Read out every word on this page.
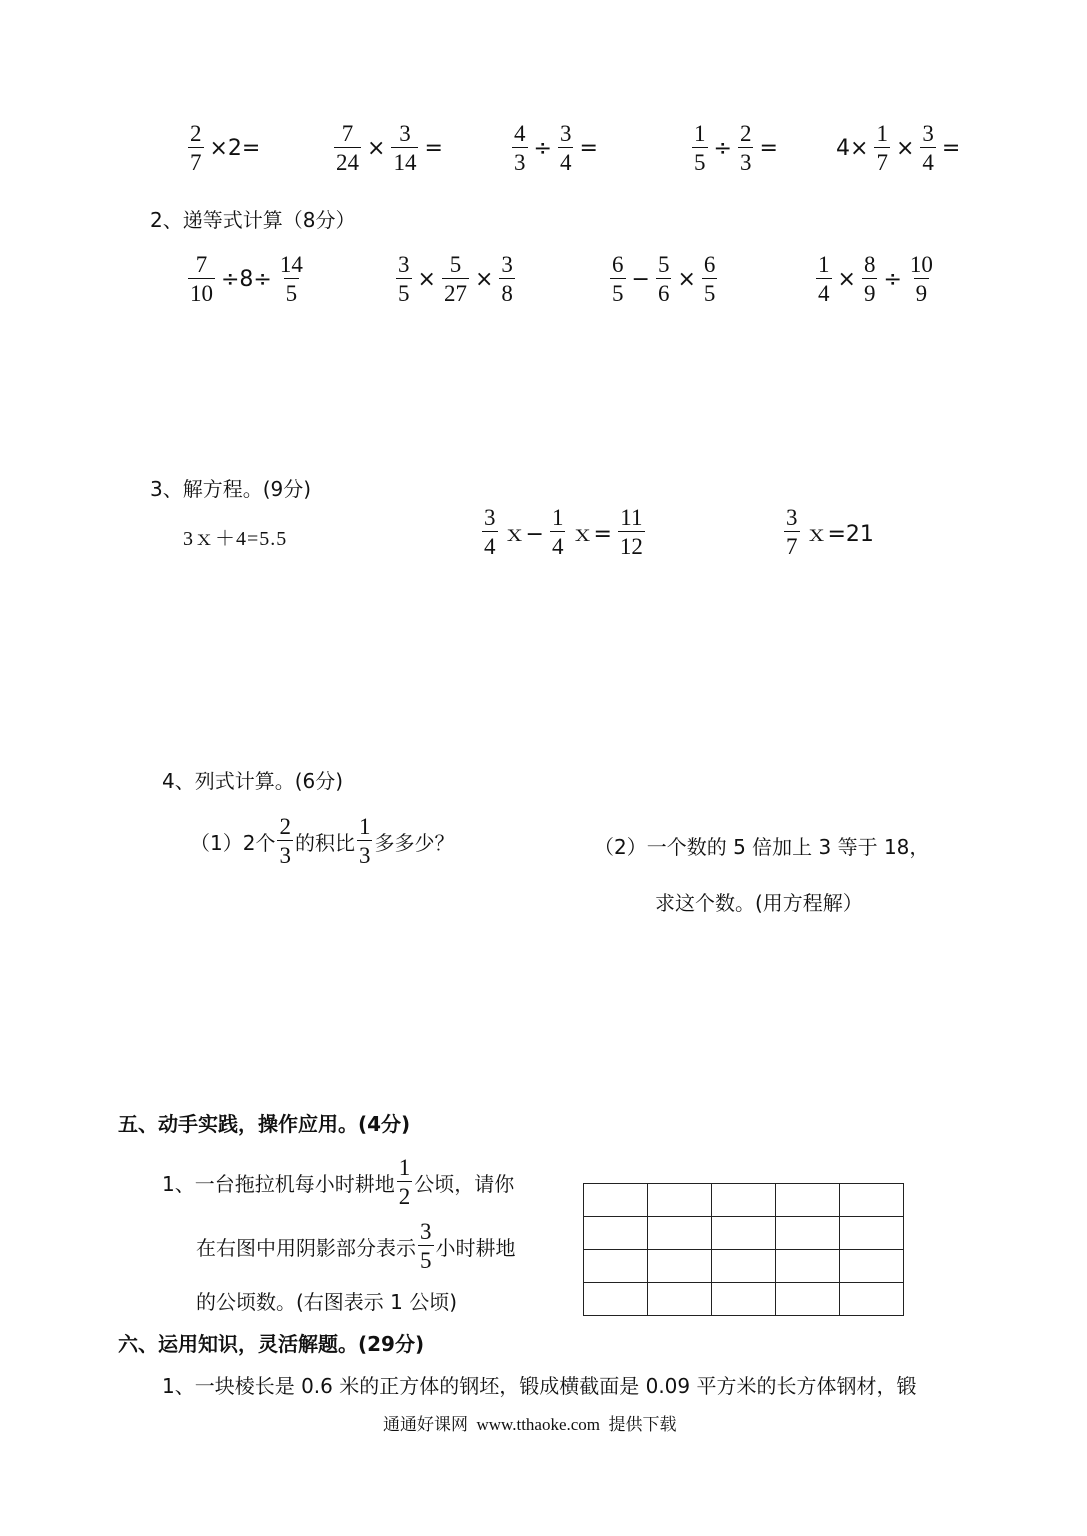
$\frac{2}{7} \times 2=$	$\frac{7}{24} \times \frac{3}{14}$ =	$\frac{4}{3} \div \frac{3}{4}$ =	$\frac{1}{5} \div \frac{2}{3}$ =	$4\times \frac{1}{7} \times \frac{3}{4}$ =
2、递等式计算（8分）
$\frac{7}{10} \div 8\div \frac{14}{5}$	$\frac{3}{5} \times \frac{5}{27} \times \frac{3}{8}$	$\frac{6}{5} - \frac{5}{6} \times \frac{6}{5}$	$\frac{1}{4} \times \frac{8}{9} \div \frac{10}{9}$
3、解方程。(9分)
3ｘ＋4=5.5	$\frac{3}{4}$ ｘ− $\frac{1}{4}$ ｘ= $\frac{11}{12}$	$\frac{3}{7}$ ｘ=21
4、列式计算。(6分)
（1）2个 $\frac{2}{3}$ 的积比 $\frac{1}{3}$ 多多少？	（2）一个数的 5 倍加上 3 等于 18，
求这个数。(用方程解）
五、动手实践，操作应用。(4分)
1、一台拖拉机每小时耕地 $\frac{1}{2}$ 公顷，请你
在右图中用阴影部分表示 $\frac{3}{5}$ 小时耕地
的公顷数。(右图表示 1 公顷)

六、运用知识，灵活解题。(29分)
1、一块棱长是 0.6 米的正方体的钢坯，锻成横截面是 0.09 平方米的长方体钢材，锻
通通好课网  www.tthaoke.com  提供下载
